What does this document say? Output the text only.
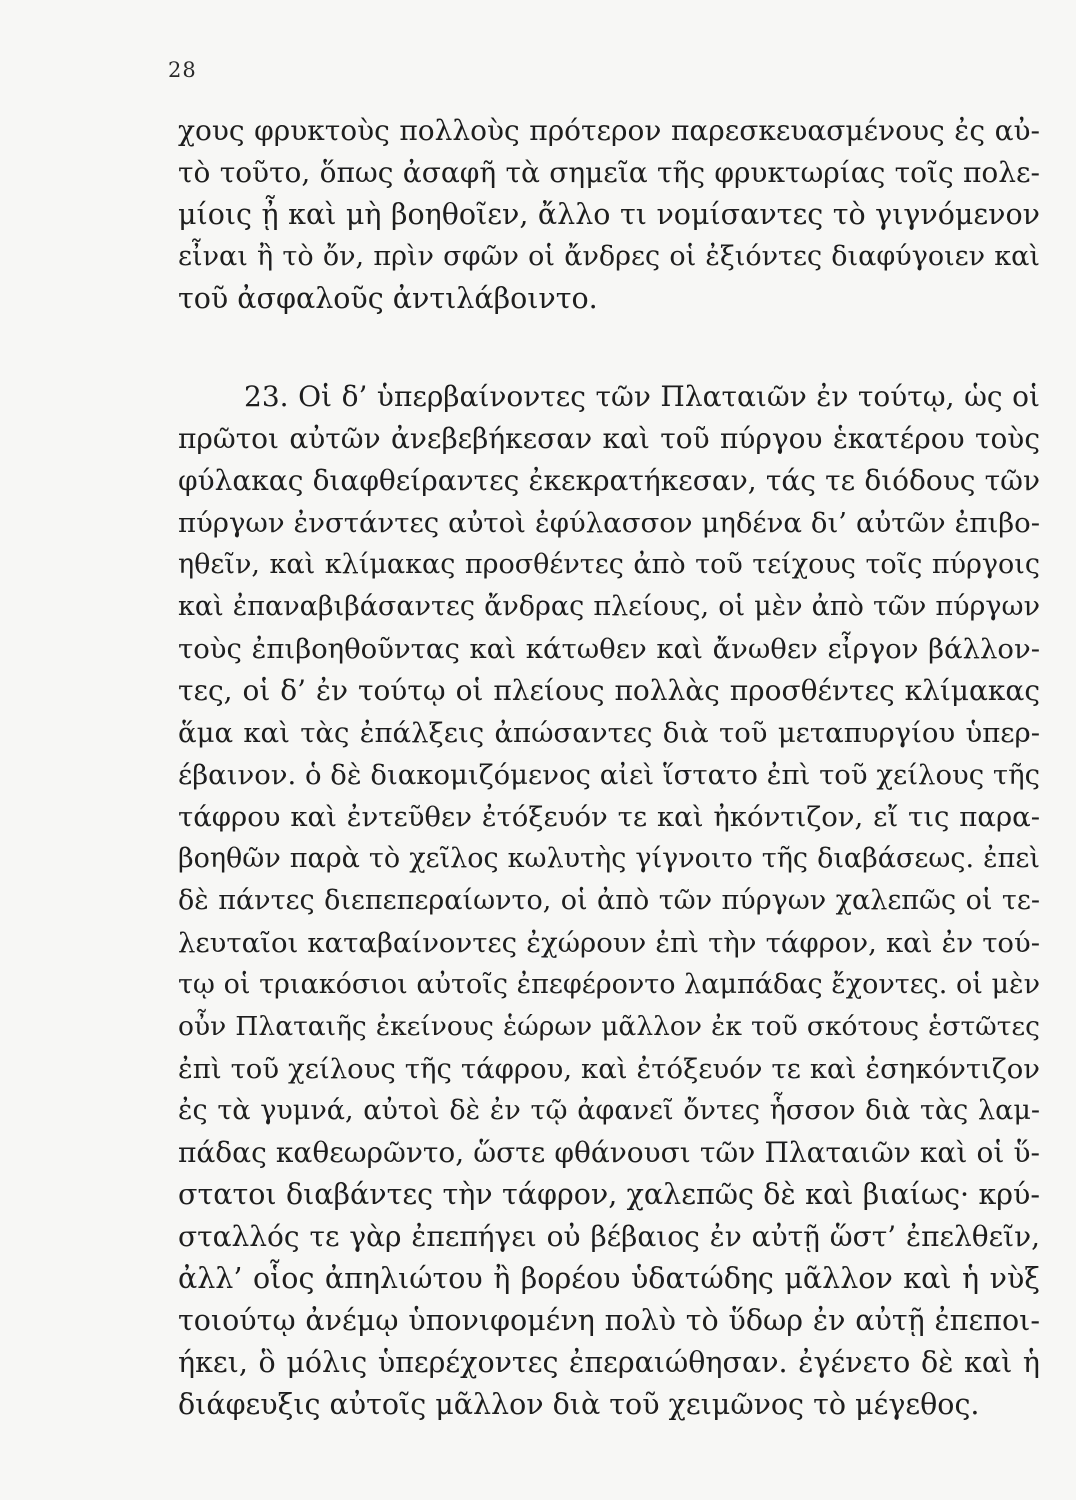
28
χους φρυκτοὺς πολλοὺς πρότερον παρεσκευασμένους ἐς αὐ-
τὸ τοῦτο, ὅπως ἀσαφῆ τὰ σημεῖα τῆς φρυκτωρίας τοῖς πολε-
μίοις ᾖ καὶ μὴ βοηθοῖεν, ἄλλο τι νομίσαντες τὸ γιγνόμενον
εἶναι ἢ τὸ ὄν, πρὶν σφῶν οἱ ἄνδρες οἱ ἐξιόντες διαφύγοιεν καὶ
τοῦ ἀσφαλοῦς ἀντιλάβοιντο.
23. Οἱ δ’ ὑπερβαίνοντες τῶν Πλαταιῶν ἐν τούτῳ, ὡς οἱ
πρῶτοι αὐτῶν ἀνεβεβήκεσαν καὶ τοῦ πύργου ἑκατέρου τοὺς
φύλακας διαφθείραντες ἐκεκρατήκεσαν, τάς τε διόδους τῶν
πύργων ἐνστάντες αὐτοὶ ἐφύλασσον μηδένα δι’ αὐτῶν ἐπιβο-
ηθεῖν, καὶ κλίμακας προσθέντες ἀπὸ τοῦ τείχους τοῖς πύργοις
καὶ ἐπαναβιβάσαντες ἄνδρας πλείους, οἱ μὲν ἀπὸ τῶν πύργων
τοὺς ἐπιβοηθοῦντας καὶ κάτωθεν καὶ ἄνωθεν εἶργον βάλλον-
τες, οἱ δ’ ἐν τούτῳ οἱ πλείους πολλὰς προσθέντες κλίμακας
ἅμα καὶ τὰς ἐπάλξεις ἀπώσαντες διὰ τοῦ μεταπυργίου ὑπερ-
έβαινον. ὁ δὲ διακομιζόμενος αἰεὶ ἵστατο ἐπὶ τοῦ χείλους τῆς
τάφρου καὶ ἐντεῦθεν ἐτόξευόν τε καὶ ἠκόντιζον, εἴ τις παρα-
βοηθῶν παρὰ τὸ χεῖλος κωλυτὴς γίγνοιτο τῆς διαβάσεως. ἐπεὶ
δὲ πάντες διεπεπεραίωντο, οἱ ἀπὸ τῶν πύργων χαλεπῶς οἱ τε-
λευταῖοι καταβαίνοντες ἐχώρουν ἐπὶ τὴν τάφρον, καὶ ἐν τού-
τῳ οἱ τριακόσιοι αὐτοῖς ἐπεφέροντο λαμπάδας ἔχοντες. οἱ μὲν
οὖν Πλαταιῆς ἐκείνους ἑώρων μᾶλλον ἐκ τοῦ σκότους ἑστῶτες
ἐπὶ τοῦ χείλους τῆς τάφρου, καὶ ἐτόξευόν τε καὶ ἐσηκόντιζον
ἐς τὰ γυμνά, αὐτοὶ δὲ ἐν τῷ ἀφανεῖ ὄντες ἧσσον διὰ τὰς λαμ-
πάδας καθεωρῶντο, ὥστε φθάνουσι τῶν Πλαταιῶν καὶ οἱ ὕ-
στατοι διαβάντες τὴν τάφρον, χαλεπῶς δὲ καὶ βιαίως· κρύ-
σταλλός τε γὰρ ἐπεπήγει οὐ βέβαιος ἐν αὐτῇ ὥστ’ ἐπελθεῖν,
ἀλλ’ οἷος ἀπηλιώτου ἢ βορέου ὑδατώδης μᾶλλον καὶ ἡ νὺξ
τοιούτῳ ἀνέμῳ ὑπονιφομένη πολὺ τὸ ὕδωρ ἐν αὐτῇ ἐπεποι-
ήκει, ὃ μόλις ὑπερέχοντες ἐπεραιώθησαν. ἐγένετο δὲ καὶ ἡ
διάφευξις αὐτοῖς μᾶλλον διὰ τοῦ χειμῶνος τὸ μέγεθος.
